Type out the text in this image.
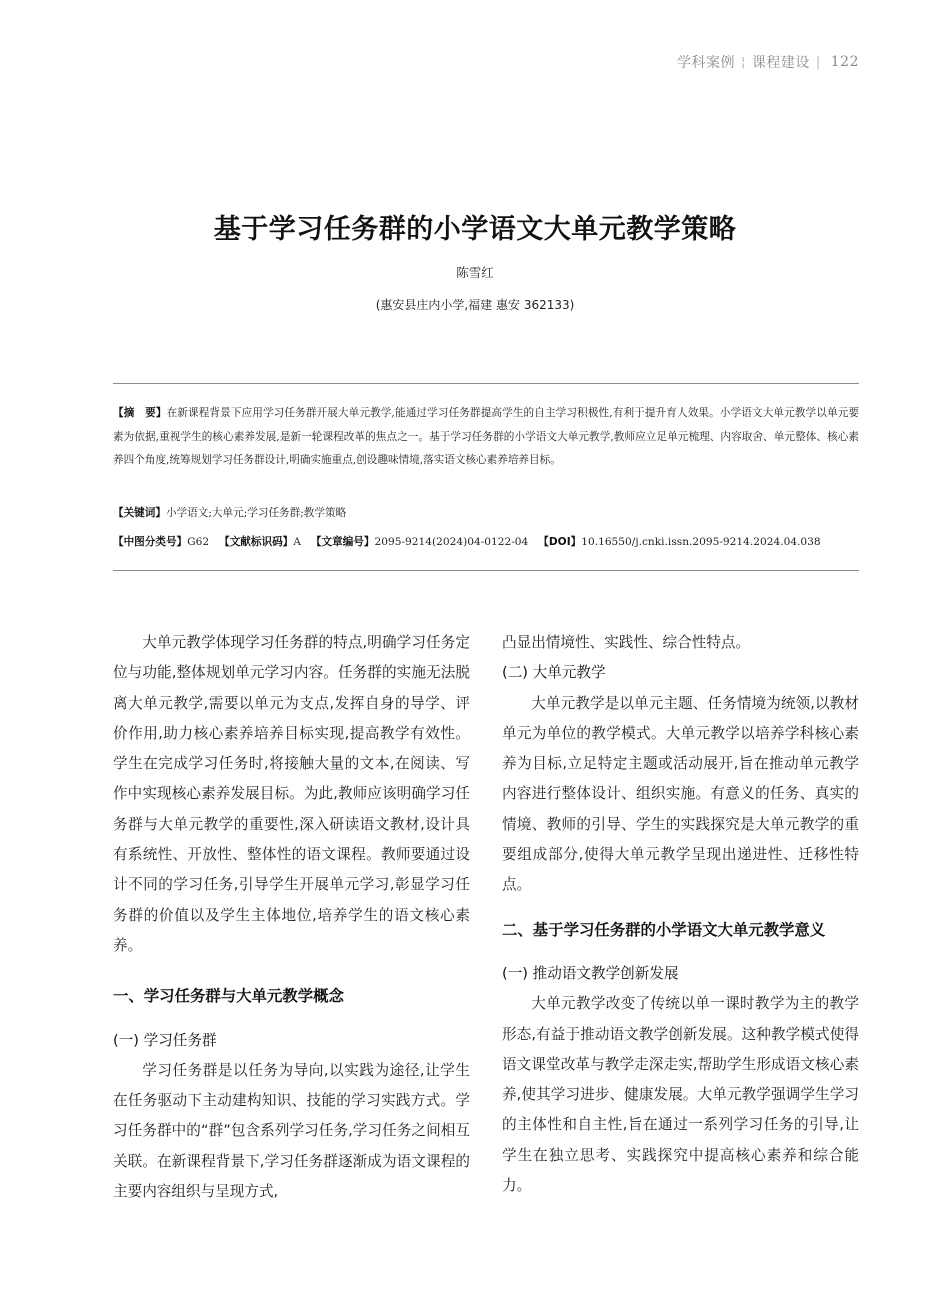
学科案例 ¦ 课程建设 | 122
基于学习任务群的小学语文大单元教学策略
陈雪红
(惠安县庄内小学,福建 惠安 362133)
【摘　要】在新课程背景下应用学习任务群开展大单元教学,能通过学习任务群提高学生的自主学习积极性,有利于提升育人效果。小学语文大单元教学以单元要素为依据,重视学生的核心素养发展,是新一轮课程改革的焦点之一。基于学习任务群的小学语文大单元教学,教师应立足单元梳理、内容取舍、单元整体、核心素养四个角度,统筹规划学习任务群设计,明确实施重点,创设趣味情境,落实语文核心素养培养目标。
【关键词】小学语文;大单元;学习任务群;教学策略
【中图分类号】G62 【文献标识码】A 【文章编号】2095-9214(2024)04-0122-04 【DOI】10.16550/j.cnki.issn.2095-9214.2024.04.038

大单元教学体现学习任务群的特点,明确学习任务定位与功能,整体规划单元学习内容。任务群的实施无法脱离大单元教学,需要以单元为支点,发挥自身的导学、评价作用,助力核心素养培养目标实现,提高教学有效性。学生在完成学习任务时,将接触大量的文本,在阅读、写作中实现核心素养发展目标。为此,教师应该明确学习任务群与大单元教学的重要性,深入研读语文教材,设计具有系统性、开放性、整体性的语文课程。教师要通过设计不同的学习任务,引导学生开展单元学习,彰显学习任务群的价值以及学生主体地位,培养学生的语文核心素养。

一、学习任务群与大单元教学概念

(一) 学习任务群

学习任务群是以任务为导向,以实践为途径,让学生在任务驱动下主动建构知识、技能的学习实践方式。学习任务群中的“群”包含系列学习任务,学习任务之间相互关联。在新课程背景下,学习任务群逐渐成为语文课程的主要内容组织与呈现方式,

凸显出情境性、实践性、综合性特点。

(二) 大单元教学

大单元教学是以单元主题、任务情境为统领,以教材单元为单位的教学模式。大单元教学以培养学科核心素养为目标,立足特定主题或活动展开,旨在推动单元教学内容进行整体设计、组织实施。有意义的任务、真实的情境、教师的引导、学生的实践探究是大单元教学的重要组成部分,使得大单元教学呈现出递进性、迁移性特点。

二、基于学习任务群的小学语文大单元教学意义

(一) 推动语文教学创新发展

大单元教学改变了传统以单一课时教学为主的教学形态,有益于推动语文教学创新发展。这种教学模式使得语文课堂改革与教学走深走实,帮助学生形成语文核心素养,使其学习进步、健康发展。大单元教学强调学生学习的主体性和自主性,旨在通过一系列学习任务的引导,让学生在独立思考、实践探究中提高核心素养和综合能力。
